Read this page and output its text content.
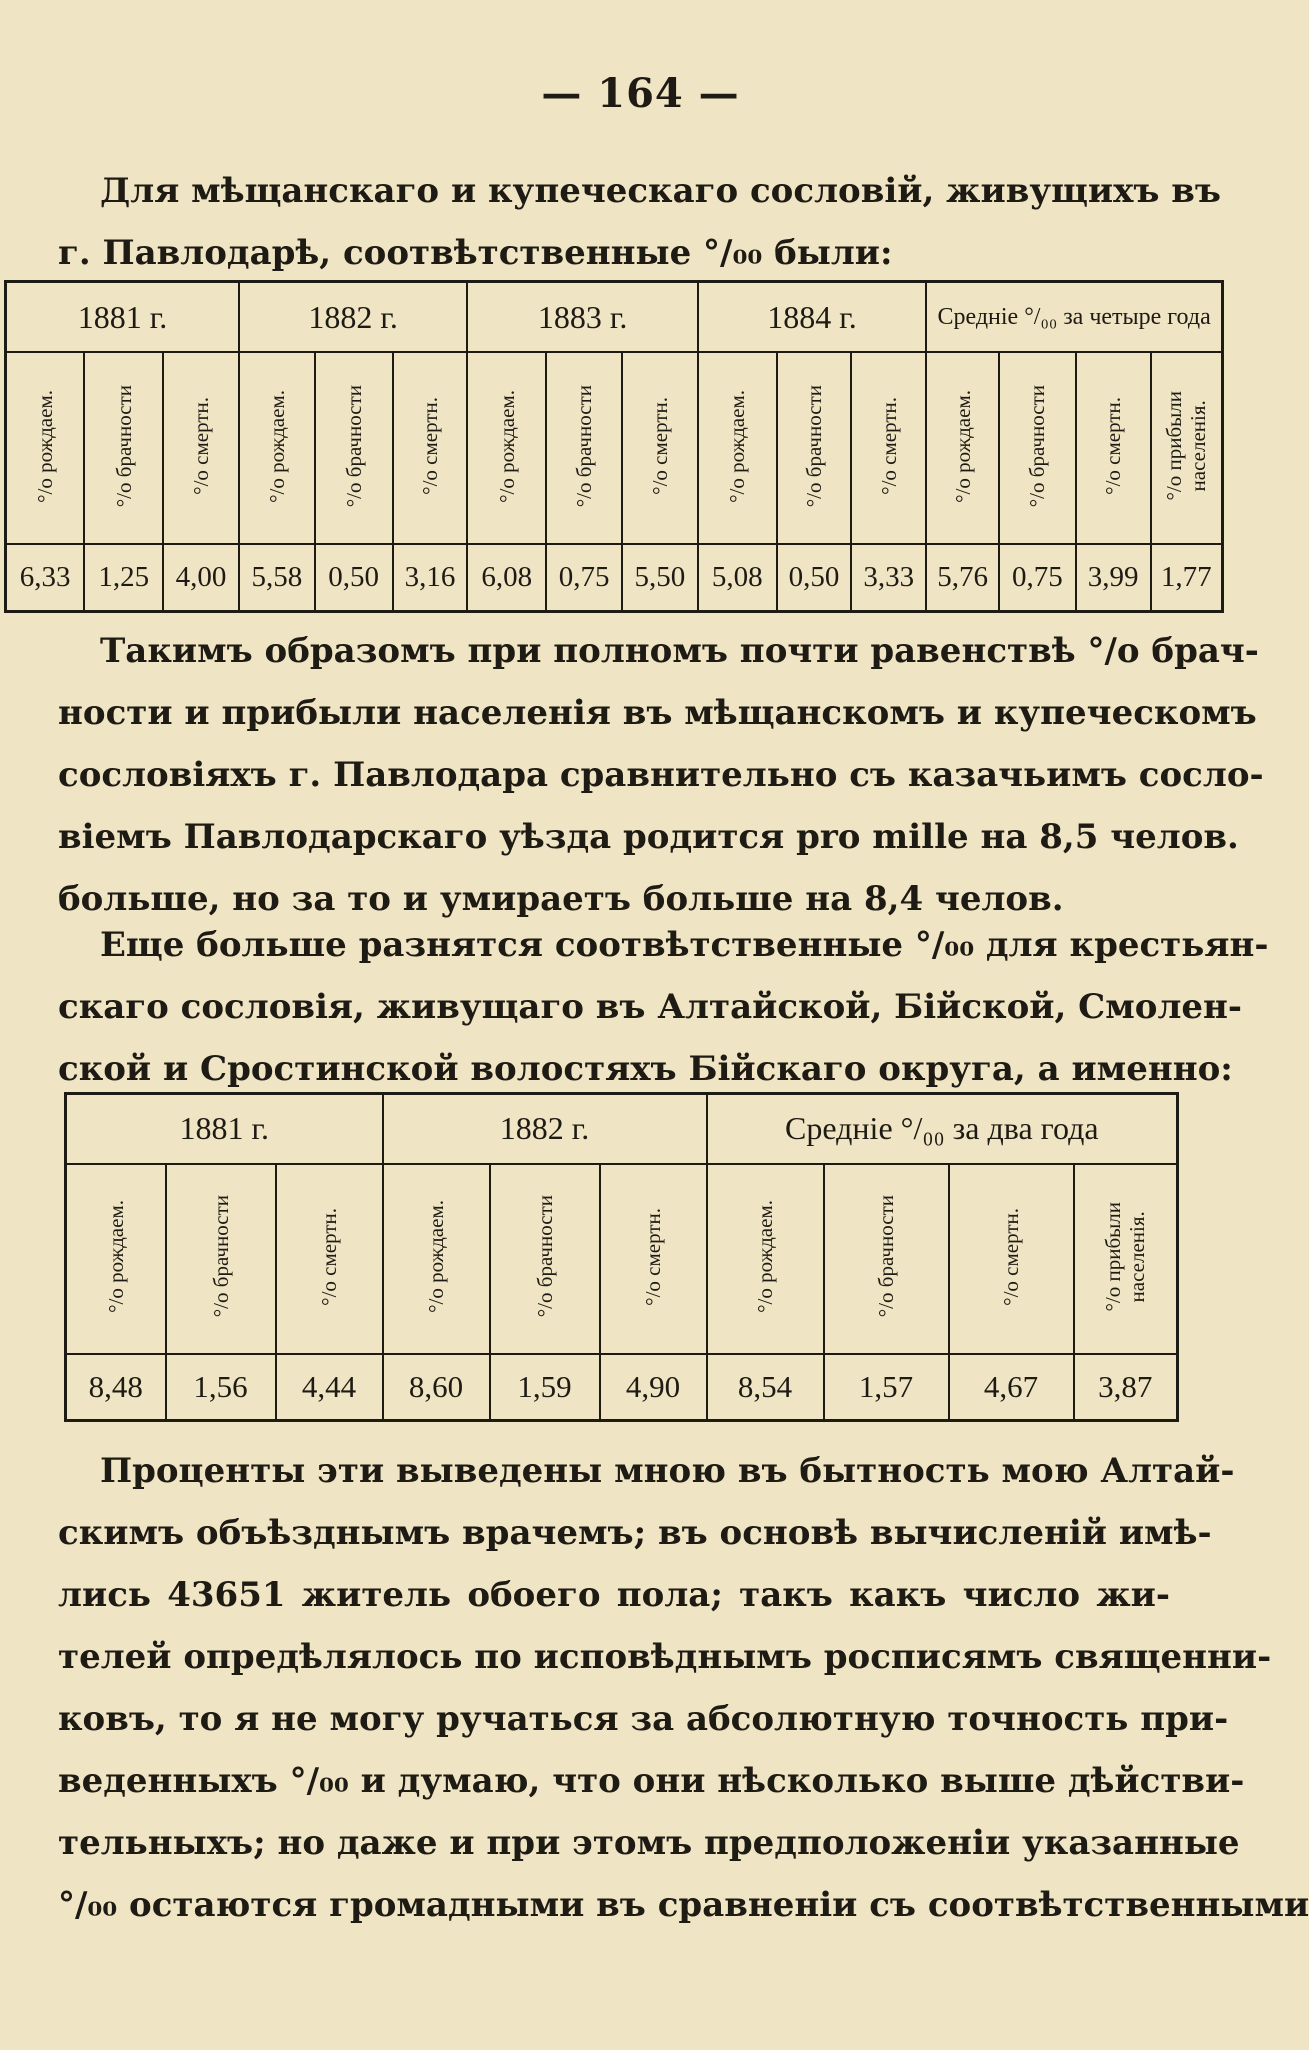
— 164 —
Для мѣщанскаго и купеческаго сословій, живущихъ въ
г. Павлодарѣ, соотвѣтственные °/₀₀ были:
1881 г.			1882 г.			1883 г.			1884 г.			Средніе °/₀₀ за четыре года			
°/о рождаем.	°/о брачности	°/о смертн.	°/о рождаем.	°/о брачности	°/о смертн.	°/о рождаем.	°/о брачности	°/о смертн.	°/о рождаем.	°/о брачности	°/о смертн.	°/о рождаем.	°/о брачности	°/о смертн.	°/о прибыли
населенія.
6,33	1,25	4,00	5,58	0,50	3,16	6,08	0,75	5,50	5,08	0,50	3,33	5,76	0,75	3,99	1,77
Такимъ образомъ при полномъ почти равенствѣ °/о брач-
ности и прибыли населенія въ мѣщанскомъ и купеческомъ
сословіяхъ г. Павлодара сравнительно съ казачьимъ сосло-
віемъ Павлодарскаго уѣзда родится pro mille на 8,5 челов.
больше, но за то и умираетъ больше на 8,4 челов.
Еще больше разнятся соотвѣтственные °/₀₀ для крестьян-
скаго сословія, живущаго въ Алтайской, Бійской, Смолен-
ской и Сростинской волостяхъ Бійскаго округа, а именно:
1881 г.			1882 г.			Средніе °/₀₀ за два года			
°/о рождаем.	°/о брачности	°/о смертн.	°/о рождаем.	°/о брачности	°/о смертн.	°/о рождаем.	°/о брачности	°/о смертн.	°/о прибыли
населенія.
8,48	1,56	4,44	8,60	1,59	4,90	8,54	1,57	4,67	3,87
Проценты эти выведены мною въ бытность мою Алтай-
скимъ объѣзднымъ врачемъ; въ основѣ вычисленій имѣ-
лись 43651 житель обоего пола; такъ какъ число жи-
телей опредѣлялось по исповѣднымъ росписямъ священни-
ковъ, то я не могу ручаться за абсолютную точность при-
веденныхъ °/₀₀ и думаю, что они нѣсколько выше дѣйстви-
тельныхъ; но даже и при этомъ предположеніи указанные
°/₀₀ остаются громадными въ сравненіи съ соотвѣтственными
